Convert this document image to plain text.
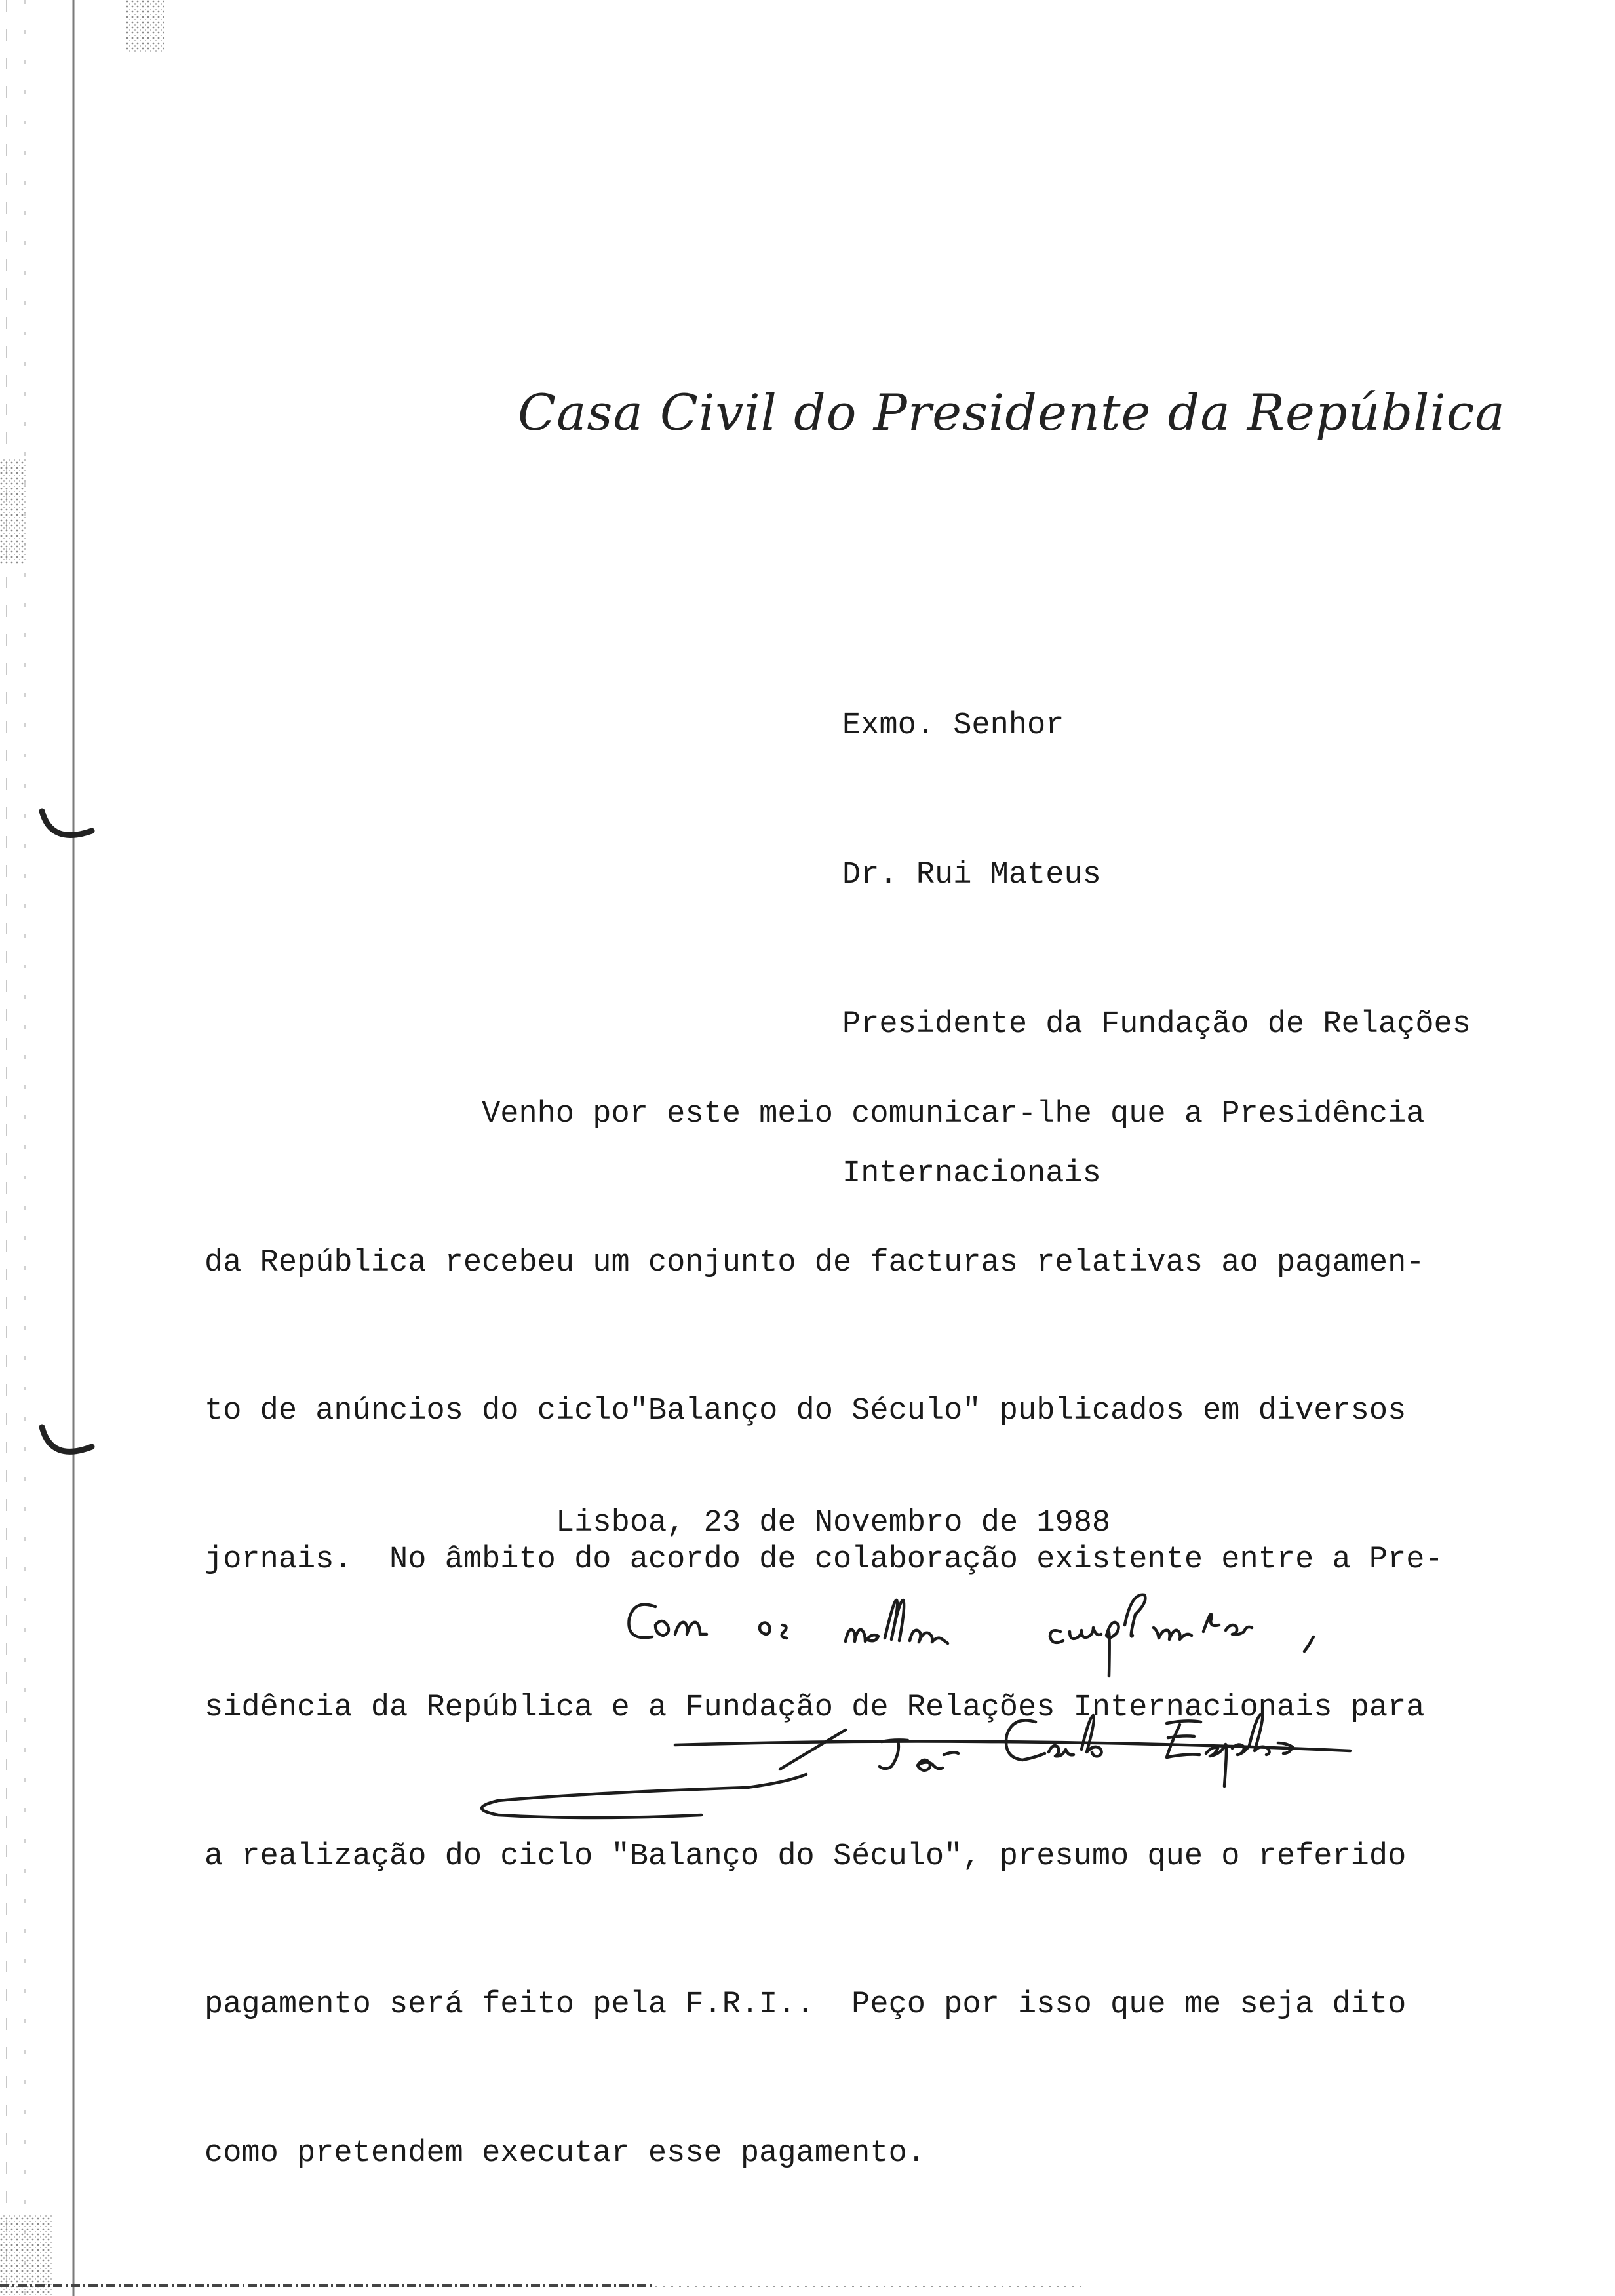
Casa Civil do Presidente da República

Exmo. Senhor

Dr. Rui Mateus

Presidente da Fundação de Relações

Internacionais

Venho por este meio comunicar-lhe que a Presidência

da República recebeu um conjunto de facturas relativas ao pagamen-

to de anúncios do ciclo"Balanço do Século" publicados em diversos

jornais.  No âmbito do acordo de colaboração existente entre a Pre-

sidência da República e a Fundação de Relações Internacionais para

a realização do ciclo "Balanço do Século", presumo que o referido

pagamento será feito pela F.R.I..  Peço por isso que me seja dito

como pretendem executar esse pagamento.

Lisboa, 23 de Novembro de 1988
